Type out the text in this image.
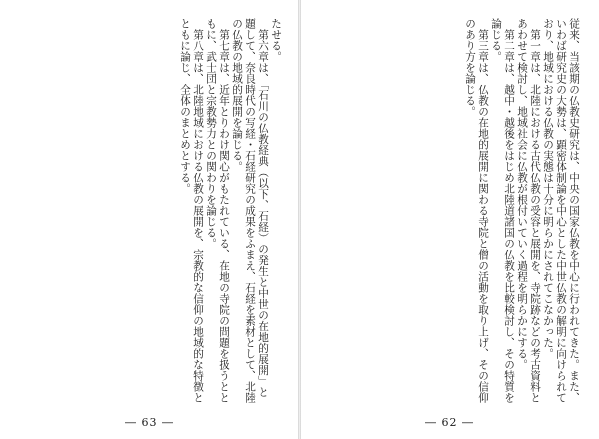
たせる。
第六章は、「石川の仏教経典（以下、石経）の発生と中世の在地的展開」と題して、奈良時代の写経・石経研究の成果をふまえ、石経を素材として、北陸の仏教の地域的展開を論じる。
第七章は、近年とりわけ関心がもたれている、在地の寺院の問題を扱うとともに、武士団と宗教勢力との関わりを論じる。
第八章は、北陸地域における仏教の展開を、宗教的な信仰の地域的な特徴とともに論じ、全体のまとめとする。
― 63 ―
従来、当該期の仏教史研究は、中央の国家仏教を中心に行われてきた。また、いわば研究史の大勢は、顕密体制論を中心とした中世仏教の解明に向けられており、地域における仏教の実態は十分に明らかにされてこなかった。
第一章は、北陸における古代仏教の受容と展開を、寺院跡などの考古資料とあわせて検討し、地域社会に仏教が根付いていく過程を明らかにする。
第二章は、越中・越後をはじめ北陸道諸国の仏教を比較検討し、その特質を論じる。
第三章は、仏教の在地的展開に関わる寺院と僧の活動を取り上げ、その信仰のあり方を論じる。
― 62 ―
